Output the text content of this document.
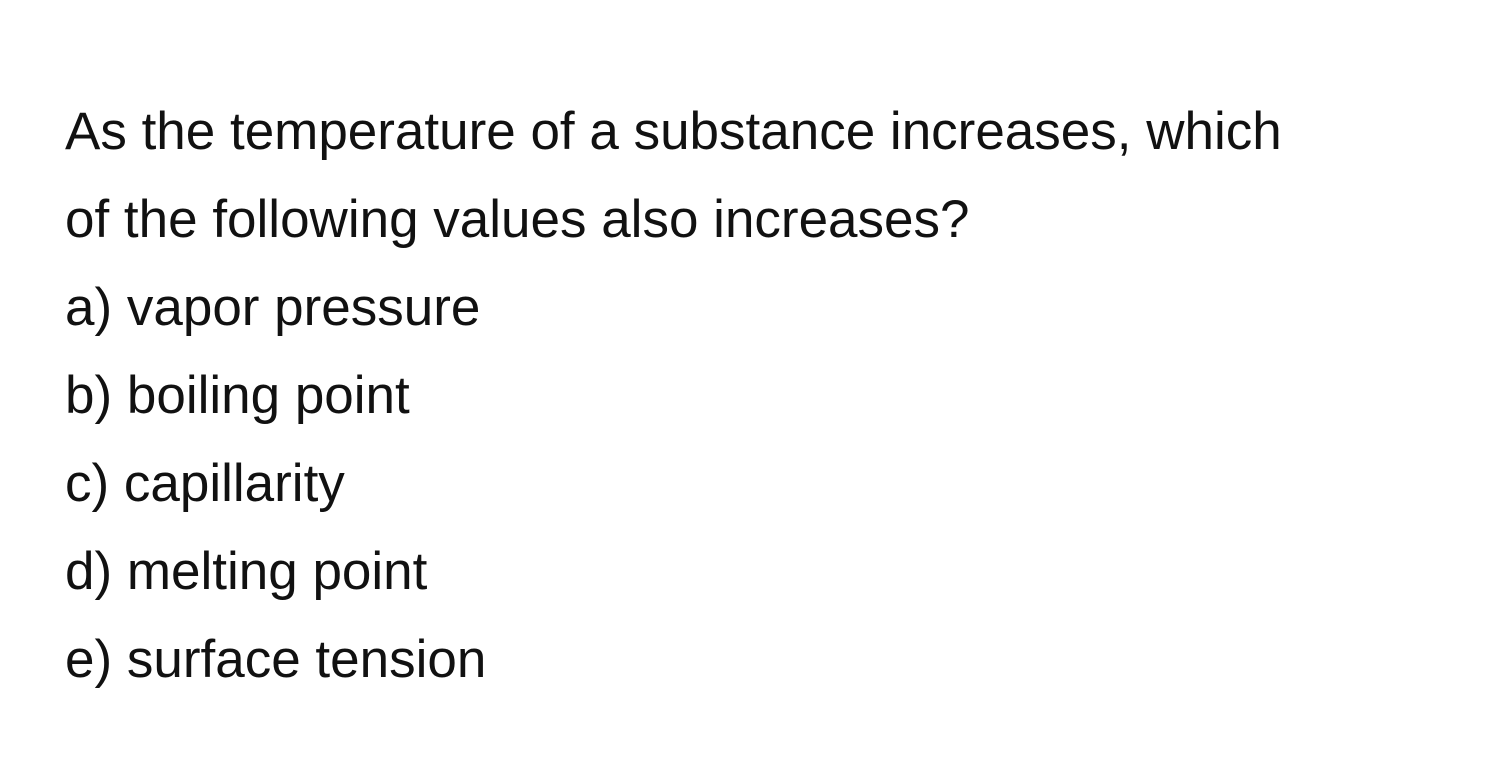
As the temperature of a substance increases, which
of the following values also increases?

a) vapor pressure
b) boiling point
c) capillarity
d) melting point
e) surface tension
